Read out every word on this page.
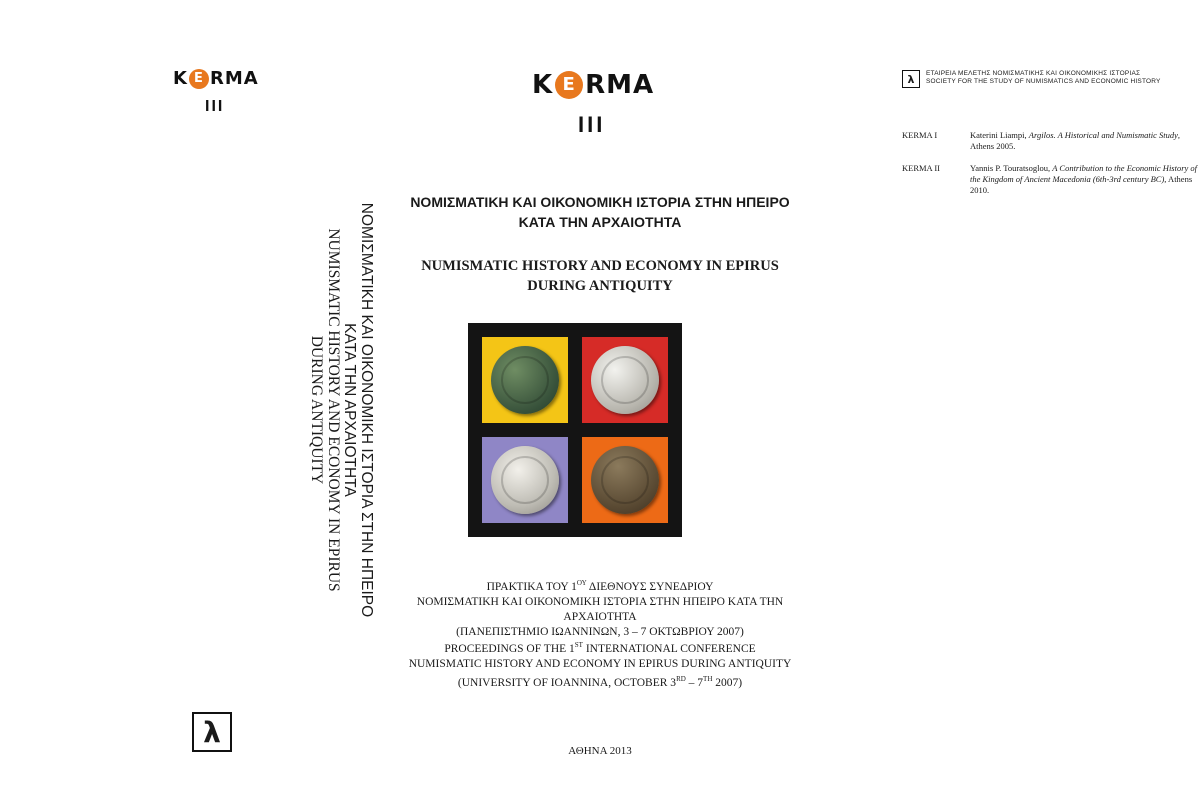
K E RMA
III
ΝΟΜΙΣΜΑΤΙΚΗ ΚΑΙ ΟΙΚΟΝΟΜΙΚΗ ΙΣΤΟΡΙΑ ΣΤΗΝ ΗΠΕΙΡΟ
ΚΑΤΑ ΤΗΝ ΑΡΧΑΙΟΤΗΤΑ
NUMISMATIC HISTORY AND ECONOMY IN EPIRUS
DURING ANTIQUITY
λ
K E RMA
III
ΝΟΜΙΣΜΑΤΙΚΗ ΚΑΙ ΟΙΚΟΝΟΜΙΚΗ ΙΣΤΟΡΙΑ ΣΤΗΝ ΗΠΕΙΡΟ
ΚΑΤΑ ΤΗΝ ΑΡΧΑΙΟΤΗΤΑ
NUMISMATIC HISTORY AND ECONOMY IN EPIRUS
DURING ANTIQUITY
ΠΡΑΚΤΙΚΑ ΤΟΥ $1^{O\Upsilon}$ ΔΙΕΘΝΟΥΣ ΣΥΝΕΔΡΙΟΥ
ΝΟΜΙΣΜΑΤΙΚΗ ΚΑΙ ΟΙΚΟΝΟΜΙΚΗ ΙΣΤΟΡΙΑ ΣΤΗΝ ΗΠΕΙΡΟ ΚΑΤΑ ΤΗΝ ΑΡΧΑΙΟΤΗΤΑ
(ΠΑΝΕΠΙΣΤΗΜΙΟ ΙΩΑΝΝΙΝΩΝ, 3 – 7 ΟΚΤΩΒΡΙΟΥ 2007)
PROCEEDINGS OF THE 1ST INTERNATIONAL CONFERENCE
NUMISMATIC HISTORY AND ECONOMY IN EPIRUS DURING ANTIQUITY
(UNIVERSITY OF IOANNINA, OCTOBER 3RD – 7TH 2007)
ΑΘΗΝΑ 2013
λ	ΕΤΑΙΡΕΙΑ ΜΕΛΕΤΗΣ ΝΟΜΙΣΜΑΤΙΚΗΣ ΚΑΙ ΟΙΚΟΝΟΜΙΚΗΣ ΙΣΤΟΡΙΑΣ
SOCIETY FOR THE STUDY OF NUMISMATICS AND ECONOMIC HISTORY
KERMA I	Katerini Liampi, Argilos. A Historical and Numismatic Study, Athens 2005.
KERMA II	Yannis P. Touratsoglou, A Contribution to the Economic History of the Kingdom of Ancient Macedonia (6th-3rd century BC), Athens 2010.
